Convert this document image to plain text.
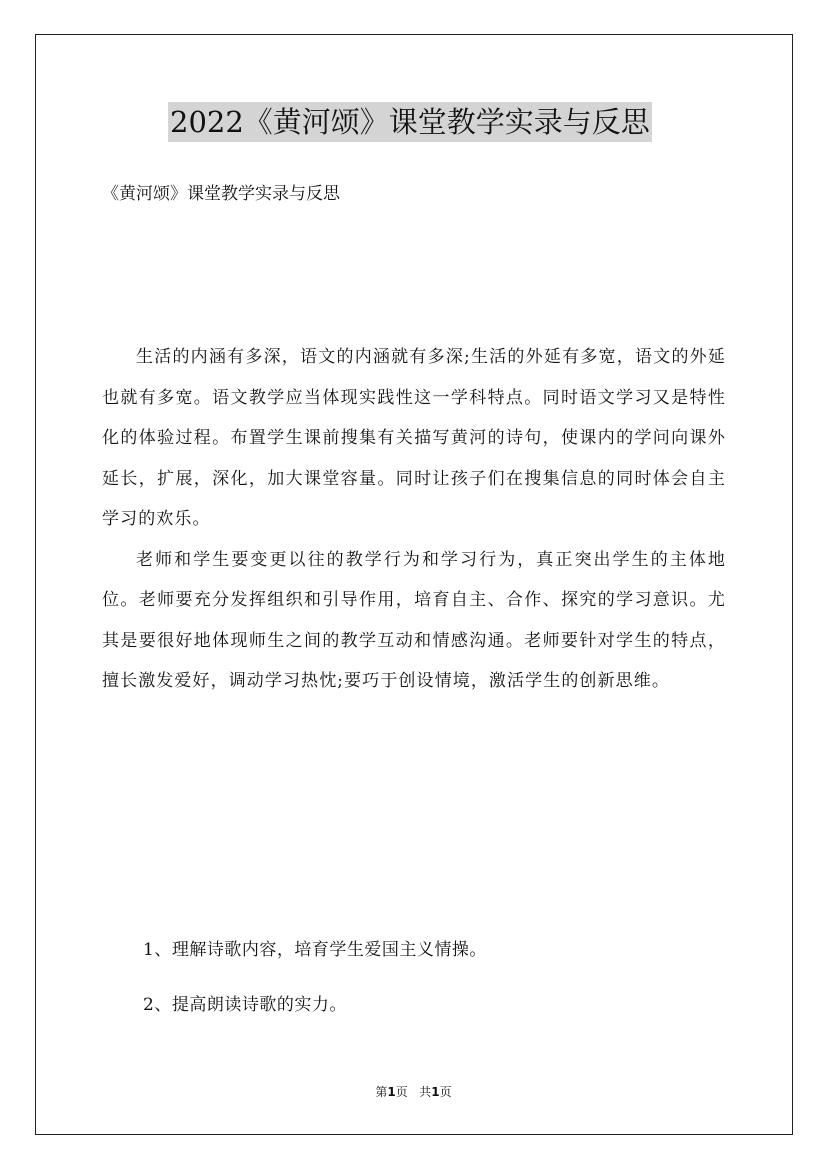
2022《黄河颂》课堂教学实录与反思
《黄河颂》课堂教学实录与反思

生活的内涵有多深，语文的内涵就有多深;生活的外延有多宽，语文的外延也就有多宽。语文教学应当体现实践性这一学科特点。同时语文学习又是特性化的体验过程。布置学生课前搜集有关描写黄河的诗句，使课内的学问向课外延长，扩展，深化，加大课堂容量。同时让孩子们在搜集信息的同时体会自主学习的欢乐。

老师和学生要变更以往的教学行为和学习行为，真正突出学生的主体地位。老师要充分发挥组织和引导作用，培育自主、合作、探究的学习意识。尤其是要很好地体现师生之间的教学互动和情感沟通。老师要针对学生的特点，擅长激发爱好，调动学习热忱;要巧于创设情境，激活学生的创新思维。

1、理解诗歌内容，培育学生爱国主义情操。
2、提高朗读诗歌的实力。
第1页 共1页
